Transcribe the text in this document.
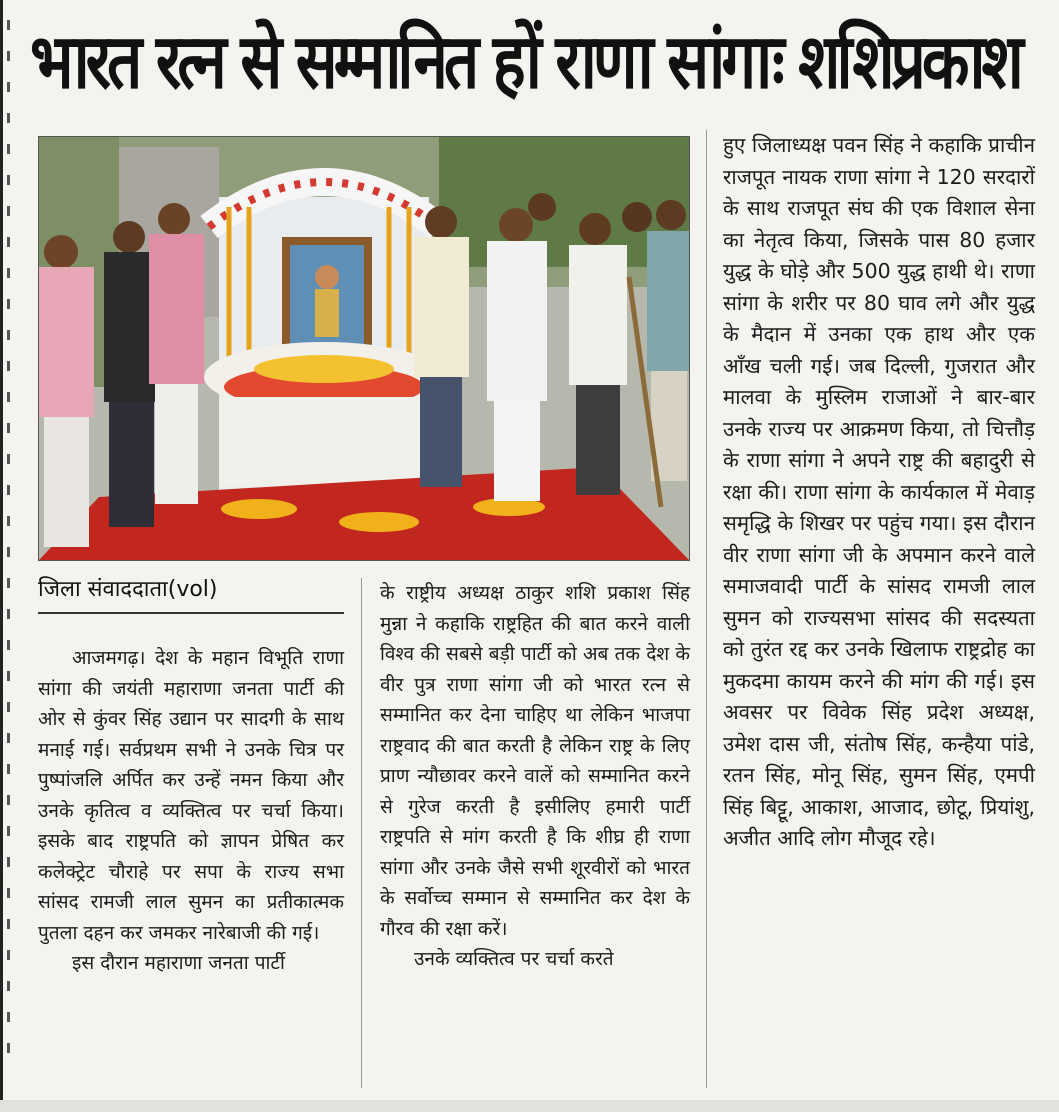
भारत रत्न से सम्मानित हों राणा सांगाः शशिप्रकाश
जिला संवाददाता(vol)

आजमगढ़। देश के महान विभूति राणा सांगा की जयंती महाराणा जनता पार्टी की ओर से कुंवर सिंह उद्यान पर सादगी के साथ मनाई गई। सर्वप्रथम सभी ने उनके चित्र पर पुष्पांजलि अर्पित कर उन्हें नमन किया और उनके कृतित्व व व्यक्तित्व पर चर्चा किया। इसके बाद राष्ट्रपति को ज्ञापन प्रेषित कर कलेक्ट्रेट चौराहे पर सपा के राज्य सभा सांसद रामजी लाल सुमन का प्रतीकात्मक पुतला दहन कर जमकर नारेबाजी की गई।

इस दौरान महाराणा जनता पार्टी

के राष्ट्रीय अध्यक्ष ठाकुर शशि प्रकाश सिंह मुन्ना ने कहाकि राष्ट्रहित की बात करने वाली विश्व की सबसे बड़ी पार्टी को अब तक देश के वीर पुत्र राणा सांगा जी को भारत रत्न से सम्मानित कर देना चाहिए था लेकिन भाजपा राष्ट्रवाद की बात करती है लेकिन राष्ट्र के लिए प्राण न्यौछावर करने वालें को सम्मानित करने से गुरेज करती है इसीलिए हमारी पार्टी राष्ट्रपति से मांग करती है कि शीघ्र ही राणा सांगा और उनके जैसे सभी शूरवीरों को भारत के सर्वोच्च सम्मान से सम्मानित कर देश के गौरव की रक्षा करें।

उनके व्यक्तित्व पर चर्चा करते

हुए जिलाध्यक्ष पवन सिंह ने कहाकि प्राचीन राजपूत नायक राणा सांगा ने 120 सरदारों के साथ राजपूत संघ की एक विशाल सेना का नेतृत्व किया, जिसके पास 80 हजार युद्ध के घोड़े और 500 युद्ध हाथी थे। राणा सांगा के शरीर पर 80 घाव लगे और युद्ध के मैदान में उनका एक हाथ और एक आँख चली गई। जब दिल्ली, गुजरात और मालवा के मुस्लिम राजाओं ने बार-बार उनके राज्य पर आक्रमण किया, तो चित्तौड़ के राणा सांगा ने अपने राष्ट्र की बहादुरी से रक्षा की। राणा सांगा के कार्यकाल में मेवाड़ समृद्धि के शिखर पर पहुंच गया। इस दौरान वीर राणा सांगा जी के अपमान करने वाले समाजवादी पार्टी के सांसद रामजी लाल सुमन को राज्यसभा सांसद की सदस्यता को तुरंत रद्द कर उनके खिलाफ राष्ट्रद्रोह का मुकदमा कायम करने की मांग की गई। इस अवसर पर विवेक सिंह प्रदेश अध्यक्ष, उमेश दास जी, संतोष सिंह, कन्हैया पांडे, रतन सिंह, मोनू सिंह, सुमन सिंह, एमपी सिंह बिट्टू, आकाश, आजाद, छोटू, प्रियांशु, अजीत आदि लोग मौजूद रहे।
